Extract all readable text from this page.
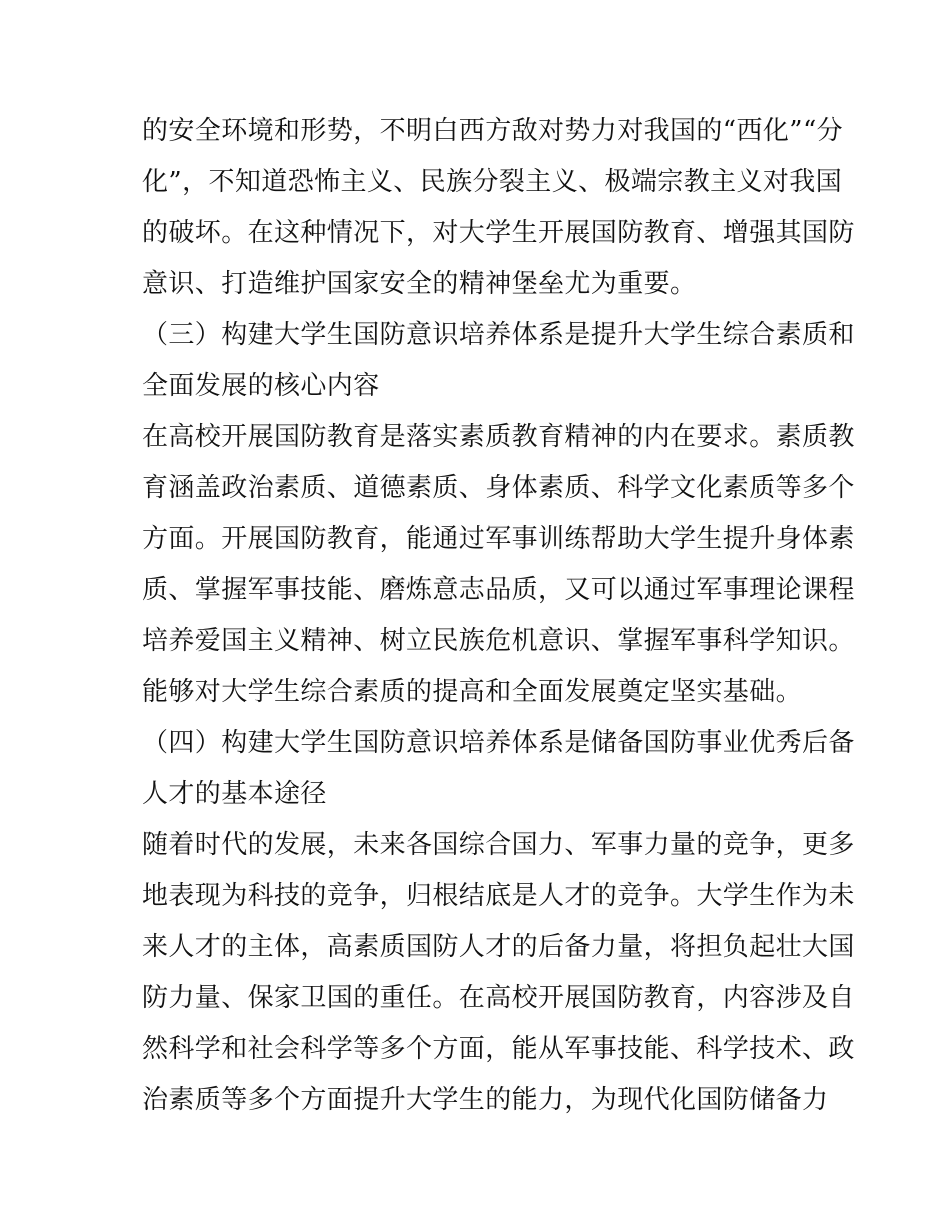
的安全环境和形势，不明白西方敌对势力对我国的“西化”“分
化”，不知道恐怖主义、民族分裂主义、极端宗教主义对我国
的破坏。在这种情况下，对大学生开展国防教育、增强其国防
意识、打造维护国家安全的精神堡垒尤为重要。
（三）构建大学生国防意识培养体系是提升大学生综合素质和
全面发展的核心内容
在高校开展国防教育是落实素质教育精神的内在要求。素质教
育涵盖政治素质、道德素质、身体素质、科学文化素质等多个
方面。开展国防教育，能通过军事训练帮助大学生提升身体素
质、掌握军事技能、磨炼意志品质，又可以通过军事理论课程
培养爱国主义精神、树立民族危机意识、掌握军事科学知识。
能够对大学生综合素质的提高和全面发展奠定坚实基础。
（四）构建大学生国防意识培养体系是储备国防事业优秀后备
人才的基本途径
随着时代的发展，未来各国综合国力、军事力量的竞争，更多
地表现为科技的竞争，归根结底是人才的竞争。大学生作为未
来人才的主体，高素质国防人才的后备力量，将担负起壮大国
防力量、保家卫国的重任。在高校开展国防教育，内容涉及自
然科学和社会科学等多个方面，能从军事技能、科学技术、政
治素质等多个方面提升大学生的能力，为现代化国防储备力
